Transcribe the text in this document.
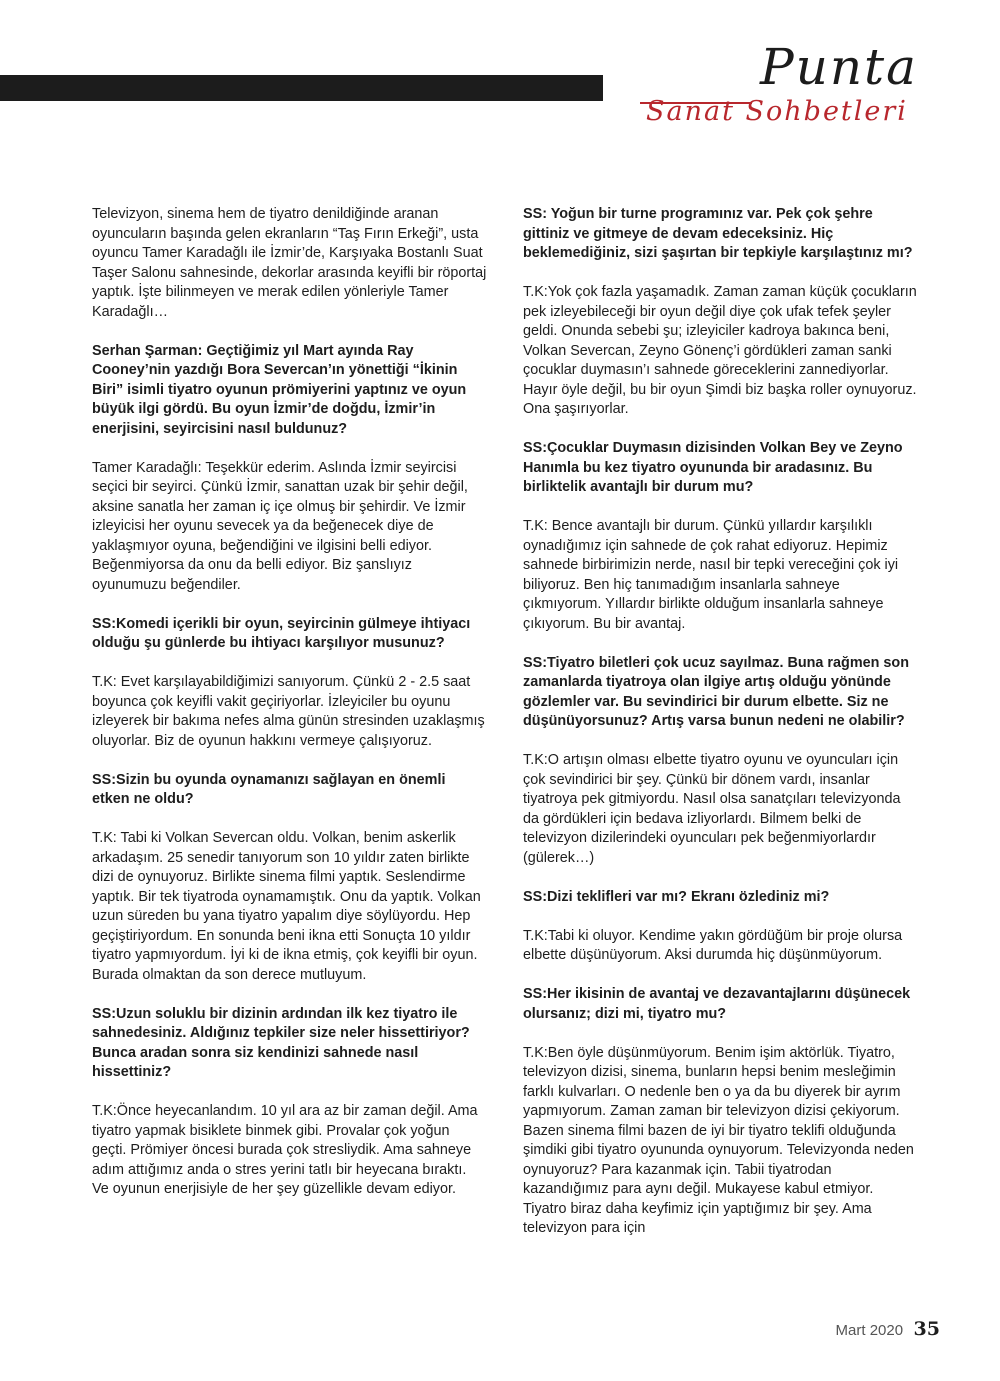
Punta
Sanat Sohbetleri

Televizyon, sinema hem de tiyatro denildiğinde aranan oyuncuların başında gelen ekranların “Taş Fırın Erkeği”, usta oyuncu Tamer Karadağlı ile İzmir’de, Karşıyaka Bostanlı Suat Taşer Salonu sahnesinde, dekorlar arasında keyifli bir röportaj yaptık. İşte bilinmeyen ve merak edilen yönleriyle Tamer Karadağlı…

Serhan Şarman: Geçtiğimiz yıl Mart ayında Ray Cooney’nin yazdığı Bora Severcan’ın yönettiği “İkinin Biri” isimli tiyatro oyunun prömiyerini yaptınız ve oyun büyük ilgi gördü. Bu oyun İzmir’de doğdu, İzmir’in enerjisini, seyircisini nasıl buldunuz?

Tamer Karadağlı: Teşekkür ederim. Aslında İzmir seyircisi seçici bir seyirci. Çünkü İzmir, sanattan uzak bir şehir değil, aksine sanatla her zaman iç içe olmuş bir şehirdir. Ve İzmir izleyicisi her oyunu sevecek ya da beğenecek diye de yaklaşmıyor oyuna, beğendiğini ve ilgisini belli ediyor. Beğenmiyorsa da onu da belli ediyor. Biz şanslıyız oyunumuzu beğendiler.

SS:Komedi içerikli bir oyun, seyircinin gülmeye ihtiyacı olduğu şu günlerde bu ihtiyacı karşılıyor musunuz?

T.K: Evet karşılayabildiğimizi sanıyorum. Çünkü 2 - 2.5 saat boyunca çok keyifli vakit geçiriyorlar. İzleyiciler bu oyunu izleyerek bir bakıma nefes alma günün stresinden uzaklaşmış oluyorlar. Biz de oyunun hakkını vermeye çalışıyoruz.

SS:Sizin bu oyunda oynamanızı sağlayan en önemli etken ne oldu?

T.K: Tabi ki Volkan Severcan oldu. Volkan, benim askerlik arkadaşım. 25 senedir tanıyorum son 10 yıldır zaten birlikte dizi de oynuyoruz. Birlikte sinema filmi yaptık. Seslendirme yaptık. Bir tek tiyatroda oynamamıştık. Onu da yaptık. Volkan uzun süreden bu yana tiyatro yapalım diye söylüyordu. Hep geçiştiriyordum. En sonunda beni ikna etti Sonuçta 10 yıldır tiyatro yapmıyordum. İyi ki de ikna etmiş, çok keyifli bir oyun. Burada olmaktan da son derece mutluyum.

SS:Uzun soluklu bir dizinin ardından ilk kez tiyatro ile sahnedesiniz. Aldığınız tepkiler size neler hissettiriyor? Bunca aradan sonra siz kendinizi sahnede nasıl hissettiniz?

T.K:Önce heyecanlandım. 10 yıl ara az bir zaman değil. Ama tiyatro yapmak bisiklete binmek gibi. Provalar çok yoğun geçti. Prömiyer öncesi burada çok stresliydik. Ama sahneye adım attığımız anda o stres yerini tatlı bir heyecana bıraktı. Ve oyunun enerjisiyle de her şey güzellikle devam ediyor.

SS: Yoğun bir turne programınız var. Pek çok şehre gittiniz ve gitmeye de devam edeceksiniz. Hiç beklemediğiniz, sizi şaşırtan bir tepkiyle karşılaştınız mı?

T.K:Yok çok fazla yaşamadık. Zaman zaman küçük çocukların pek izleyebileceği bir oyun değil diye çok ufak tefek şeyler geldi. Onunda sebebi şu; izleyiciler kadroya bakınca beni, Volkan Severcan, Zeyno Gönenç’i gördükleri zaman sanki çocuklar duymasın’ı sahnede göreceklerini zannediyorlar. Hayır öyle değil, bu bir oyun Şimdi biz başka roller oynuyoruz. Ona şaşırıyorlar.

SS:Çocuklar Duymasın dizisinden Volkan Bey ve Zeyno Hanımla bu kez tiyatro oyununda bir aradasınız. Bu birliktelik avantajlı bir durum mu?

T.K: Bence avantajlı bir durum. Çünkü yıllardır karşılıklı oynadığımız için sahnede de çok rahat ediyoruz. Hepimiz sahnede birbirimizin nerde, nasıl bir tepki vereceğini çok iyi biliyoruz. Ben hiç tanımadığım insanlarla sahneye çıkmıyorum. Yıllardır birlikte olduğum insanlarla sahneye çıkıyorum. Bu bir avantaj.

SS:Tiyatro biletleri çok ucuz sayılmaz. Buna rağmen son zamanlarda tiyatroya olan ilgiye artış olduğu yönünde gözlemler var. Bu sevindirici bir durum elbette. Siz ne düşünüyorsunuz? Artış varsa bunun nedeni ne olabilir?

T.K:O artışın olması elbette tiyatro oyunu ve oyuncuları için çok sevindirici bir şey. Çünkü bir dönem vardı, insanlar tiyatroya pek gitmiyordu. Nasıl olsa sanatçıları televizyonda da gördükleri için bedava izliyorlardı. Bilmem belki de televizyon dizilerindeki oyuncuları pek beğenmiyorlardır (gülerek…)

SS:Dizi teklifleri var mı? Ekranı özlediniz mi?

T.K:Tabi ki oluyor. Kendime yakın gördüğüm bir proje olursa elbette düşünüyorum. Aksi durumda hiç düşünmüyorum.

SS:Her ikisinin de avantaj ve dezavantajlarını düşünecek olursanız; dizi mi, tiyatro mu?

T.K:Ben öyle düşünmüyorum. Benim işim aktörlük. Tiyatro, televizyon dizisi, sinema, bunların hepsi benim mesleğimin farklı kulvarları. O nedenle ben o ya da bu diyerek bir ayrım yapmıyorum. Zaman zaman bir televizyon dizisi çekiyorum. Bazen sinema filmi bazen de iyi bir tiyatro teklifi olduğunda şimdiki gibi tiyatro oyununda oynuyorum. Televizyonda neden oynuyoruz? Para kazanmak için. Tabii tiyatrodan kazandığımız para aynı değil. Mukayese kabul etmiyor. Tiyatro biraz daha keyfimiz için yaptığımız bir şey. Ama televizyon para için

Mart 2020 35
